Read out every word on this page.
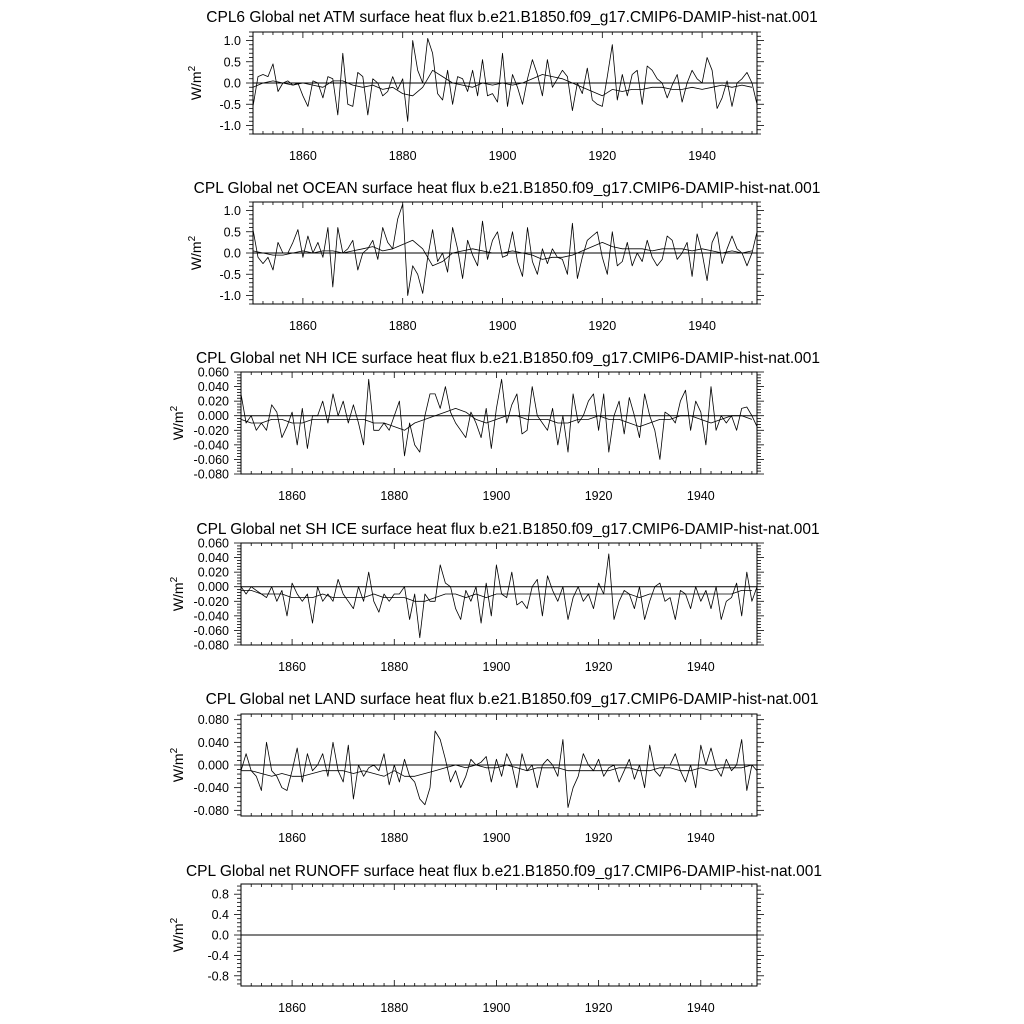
CPL6 Global net ATM surface heat flux b.e21.B1850.f09_g17.CMIP6-DAMIP-hist-nat.001
1860	1880	1900	1920	1940
1.0
0.5
0.0
-0.5
-1.0
$W/m^2$
CPL Global net OCEAN surface heat flux b.e21.B1850.f09_g17.CMIP6-DAMIP-hist-nat.001
1860	1880	1900	1920	1940
1.0
0.5
0.0
-0.5
-1.0
$W/m^2$
CPL Global net NH ICE surface heat flux b.e21.B1850.f09_g17.CMIP6-DAMIP-hist-nat.001
1860	1880	1900	1920	1940
0.060
0.040
0.020
0.000
-0.020
-0.040
-0.060
-0.080
$W/m^2$
CPL Global net SH ICE surface heat flux b.e21.B1850.f09_g17.CMIP6-DAMIP-hist-nat.001
1860	1880	1900	1920	1940
0.060
0.040
0.020
0.000
-0.020
-0.040
-0.060
-0.080
$W/m^2$
CPL Global net LAND surface heat flux b.e21.B1850.f09_g17.CMIP6-DAMIP-hist-nat.001
1860	1880	1900	1920	1940
0.080
0.040
0.000
-0.040
-0.080
$W/m^2$
CPL Global net RUNOFF surface heat flux b.e21.B1850.f09_g17.CMIP6-DAMIP-hist-nat.001
1860	1880	1900	1920	1940
0.8
0.4
0.0
-0.4
-0.8
$W/m^2$
